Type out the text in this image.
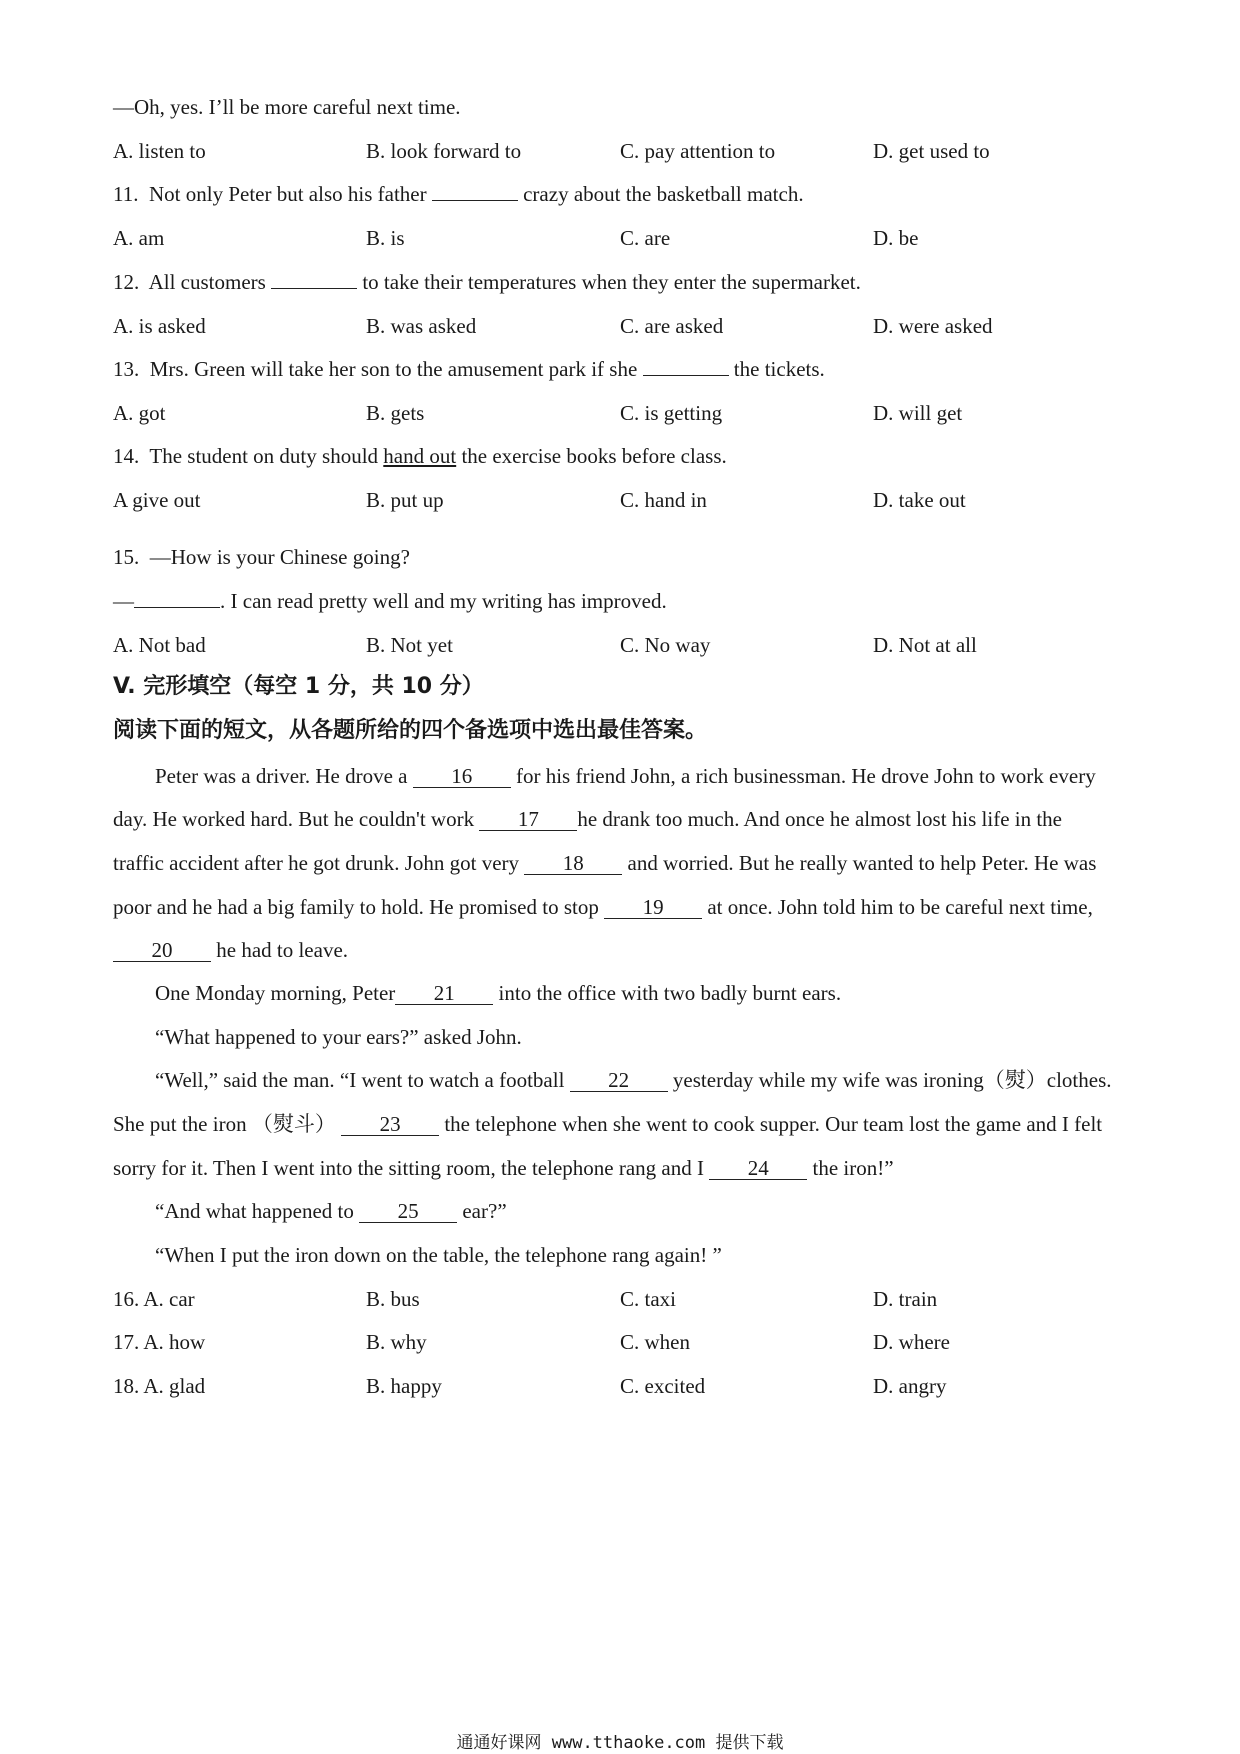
—Oh, yes. I’ll be more careful next time.
A. listen to	B. look forward to	C. pay attention to	D. get used to
11. Not only Peter but also his father	crazy about the basketball match.
A. am	B. is	C. are	D. be
12. All customers	to take their temperatures when they enter the supermarket.
A. is asked	B. was asked	C. are asked	D. were asked
13. Mrs. Green will take her son to the amusement park if she	the tickets.
A. got	B. gets	C. is getting	D. will get
14. The student on duty should hand out the exercise books before class.
A give out	B. put up	C. hand in	D. take out
15. —How is your Chinese going?
—	. I can read pretty well and my writing has improved.
A. Not bad	B. Not yet	C. No way	D. Not at all
V. 完形填空（每空 1 分，共 10 分）
阅读下面的短文，从各题所给的四个备选项中选出最佳答案。
Peter was a driver. He drove a 16 for his friend John, a rich businessman. He drove John to work every
day. He worked hard. But he couldn't work 17 he drank too much. And once he almost lost his life in the
traffic accident after he got drunk. John got very 18 and worried. But he really wanted to help Peter. He was
poor and he had a big family to hold. He promised to stop 19 at once. John told him to be careful next time,
20 he had to leave.
One Monday morning, Peter 21 into the office with two badly burnt ears.
“What happened to your ears?” asked John.
“Well,” said the man. “I went to watch a football 22 yesterday while my wife was ironing（熨）clothes.
She put the iron （熨斗） 23 the telephone when she went to cook supper. Our team lost the game and I felt
sorry for it. Then I went into the sitting room, the telephone rang and I 24 the iron!”
“And what happened to 25 ear?”
“When I put the iron down on the table, the telephone rang again! ”
16. A. car	B. bus	C. taxi	D. train
17. A. how	B. why	C. when	D. where
18. A. glad	B. happy	C. excited	D. angry
通通好课网 www.tthaoke.com 提供下载
